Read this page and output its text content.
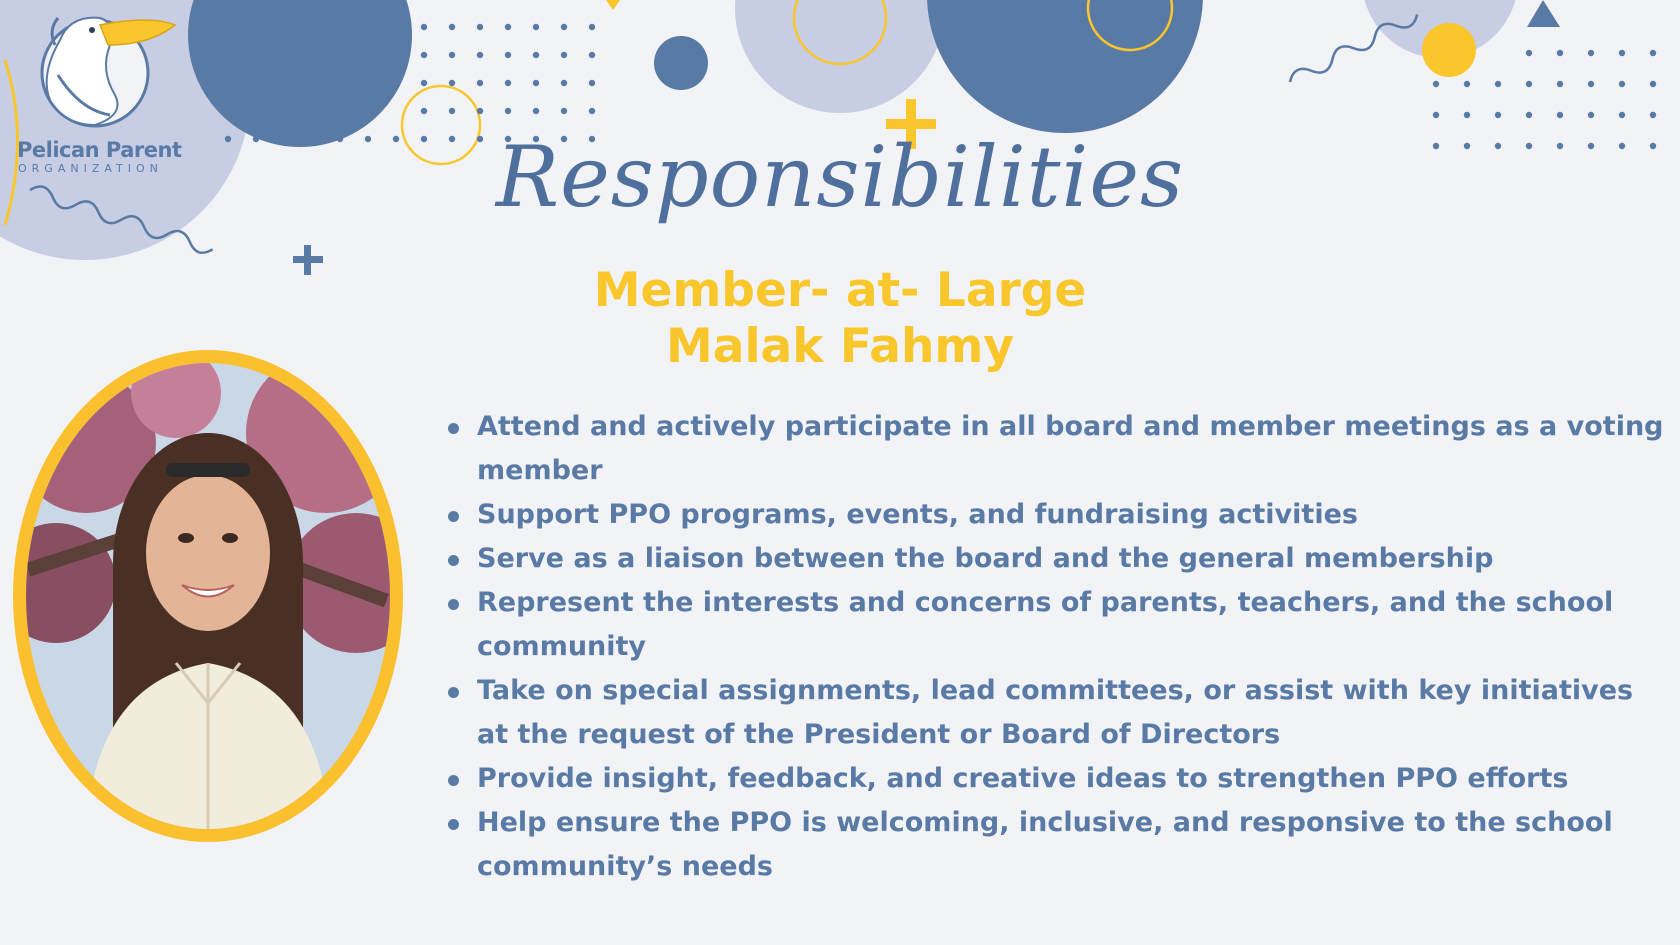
Pelican Parent
ORGANIZATION	Responsibilities
Member- at- Large
Malak Fahmy
Attend and actively participate in all board and member meetings as a voting member
Support PPO programs, events, and fundraising activities
Serve as a liaison between the board and the general membership
Represent the interests and concerns of parents, teachers, and the school community
Take on special assignments, lead committees, or assist with key initiatives at the request of the President or Board of Directors
Provide insight, feedback, and creative ideas to strengthen PPO efforts
Help ensure the PPO is welcoming, inclusive, and responsive to the school community’s needs
